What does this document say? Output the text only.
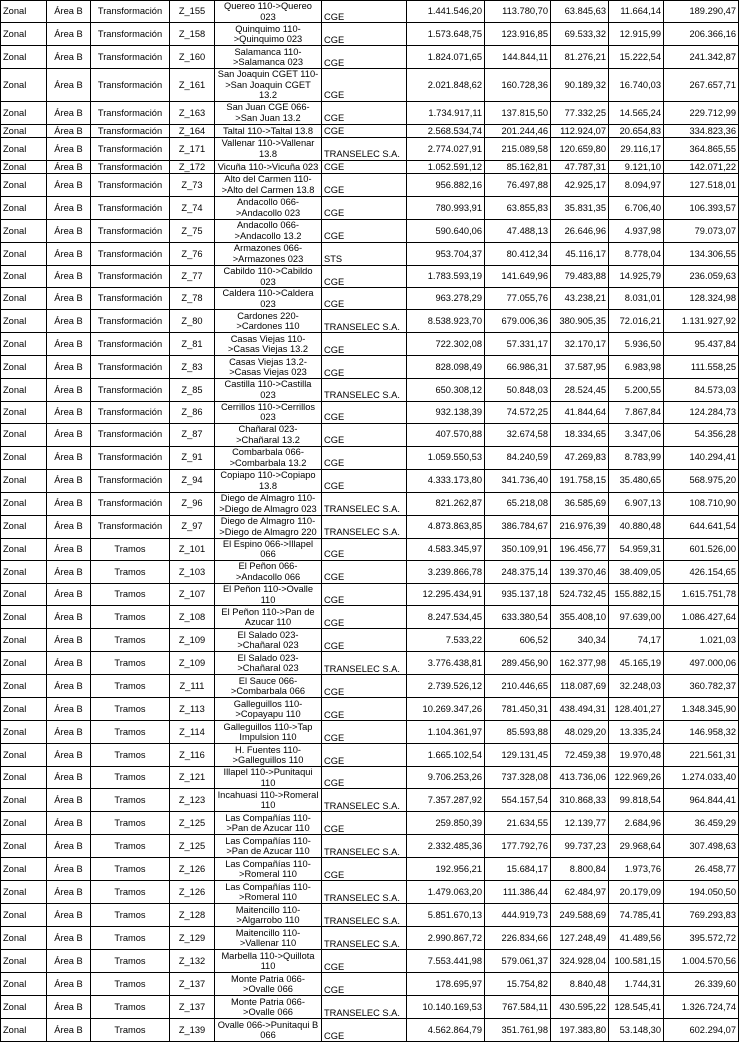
Zonal	Área B	Transformación	Z_155	Quereo 110->Quereo 023	CGE	1.441.546,20	113.780,70	63.845,63	11.664,14	189.290,47
Zonal	Área B	Transformación	Z_158	Quinquimo 110->Quinquimo 023	CGE	1.573.648,75	123.916,85	69.533,32	12.915,99	206.366,16
Zonal	Área B	Transformación	Z_160	Salamanca 110->Salamanca 023	CGE	1.824.071,65	144.844,11	81.276,21	15.222,54	241.342,87
Zonal	Área B	Transformación	Z_161	San Joaquin CGET 110->San Joaquin CGET 13.2	CGE	2.021.848,62	160.728,36	90.189,32	16.740,03	267.657,71
Zonal	Área B	Transformación	Z_163	San Juan CGE 066->San Juan 13.2	CGE	1.734.917,11	137.815,50	77.332,25	14.565,24	229.712,99
Zonal	Área B	Transformación	Z_164	Taltal 110->Taltal 13.8	CGE	2.568.534,74	201.244,46	112.924,07	20.654,83	334.823,36
Zonal	Área B	Transformación	Z_171	Vallenar 110->Vallenar 13.8	TRANSELEC S.A.	2.774.027,91	215.089,58	120.659,80	29.116,17	364.865,55
Zonal	Área B	Transformación	Z_172	Vicuña 110->Vicuña 023	CGE	1.052.591,12	85.162,81	47.787,31	9.121,10	142.071,22
Zonal	Área B	Transformación	Z_73	Alto del Carmen 110->Alto del Carmen 13.8	CGE	956.882,16	76.497,88	42.925,17	8.094,97	127.518,01
Zonal	Área B	Transformación	Z_74	Andacollo 066->Andacollo 023	CGE	780.993,91	63.855,83	35.831,35	6.706,40	106.393,57
Zonal	Área B	Transformación	Z_75	Andacollo 066->Andacollo 13.2	CGE	590.640,06	47.488,13	26.646,96	4.937,98	79.073,07
Zonal	Área B	Transformación	Z_76	Armazones 066->Armazones 023	STS	953.704,37	80.412,34	45.116,17	8.778,04	134.306,55
Zonal	Área B	Transformación	Z_77	Cabildo 110->Cabildo 023	CGE	1.783.593,19	141.649,96	79.483,88	14.925,79	236.059,63
Zonal	Área B	Transformación	Z_78	Caldera 110->Caldera 023	CGE	963.278,29	77.055,76	43.238,21	8.031,01	128.324,98
Zonal	Área B	Transformación	Z_80	Cardones 220->Cardones 110	TRANSELEC S.A.	8.538.923,70	679.006,36	380.905,35	72.016,21	1.131.927,92
Zonal	Área B	Transformación	Z_81	Casas Viejas 110->Casas Viejas 13.2	CGE	722.302,08	57.331,17	32.170,17	5.936,50	95.437,84
Zonal	Área B	Transformación	Z_83	Casas Viejas 13.2->Casas Viejas 023	CGE	828.098,49	66.986,31	37.587,95	6.983,98	111.558,25
Zonal	Área B	Transformación	Z_85	Castilla 110->Castilla 023	TRANSELEC S.A.	650.308,12	50.848,03	28.524,45	5.200,55	84.573,03
Zonal	Área B	Transformación	Z_86	Cerrillos 110->Cerrillos 023	CGE	932.138,39	74.572,25	41.844,64	7.867,84	124.284,73
Zonal	Área B	Transformación	Z_87	Chañaral 023->Chañaral 13.2	CGE	407.570,88	32.674,58	18.334,65	3.347,06	54.356,28
Zonal	Área B	Transformación	Z_91	Combarbala 066->Combarbala 13.2	CGE	1.059.550,53	84.240,59	47.269,83	8.783,99	140.294,41
Zonal	Área B	Transformación	Z_94	Copiapo 110->Copiapo 13.8	CGE	4.333.173,80	341.736,40	191.758,15	35.480,65	568.975,20
Zonal	Área B	Transformación	Z_96	Diego de Almagro 110->Diego de Almagro 023	TRANSELEC S.A.	821.262,87	65.218,08	36.585,69	6.907,13	108.710,90
Zonal	Área B	Transformación	Z_97	Diego de Almagro 110->Diego de Almagro 220	TRANSELEC S.A.	4.873.863,85	386.784,67	216.976,39	40.880,48	644.641,54
Zonal	Área B	Tramos	Z_101	El Espino 066->Illapel 066	CGE	4.583.345,97	350.109,91	196.456,77	54.959,31	601.526,00
Zonal	Área B	Tramos	Z_103	El Peñon 066->Andacollo 066	CGE	3.239.866,78	248.375,14	139.370,46	38.409,05	426.154,65
Zonal	Área B	Tramos	Z_107	El Peñon 110->Ovalle 110	CGE	12.295.434,91	935.137,18	524.732,45	155.882,15	1.615.751,78
Zonal	Área B	Tramos	Z_108	El Peñon 110->Pan de Azucar 110	CGE	8.247.534,45	633.380,54	355.408,10	97.639,00	1.086.427,64
Zonal	Área B	Tramos	Z_109	El Salado 023->Chañaral 023	CGE	7.533,22	606,52	340,34	74,17	1.021,03
Zonal	Área B	Tramos	Z_109	El Salado 023->Chañaral 023	TRANSELEC S.A.	3.776.438,81	289.456,90	162.377,98	45.165,19	497.000,06
Zonal	Área B	Tramos	Z_111	El Sauce 066->Combarbala 066	CGE	2.739.526,12	210.446,65	118.087,69	32.248,03	360.782,37
Zonal	Área B	Tramos	Z_113	Galleguillos 110->Copayapu 110	CGE	10.269.347,26	781.450,31	438.494,31	128.401,27	1.348.345,90
Zonal	Área B	Tramos	Z_114	Galleguillos 110->Tap Impulsion 110	CGE	1.104.361,97	85.593,88	48.029,20	13.335,24	146.958,32
Zonal	Área B	Tramos	Z_116	H. Fuentes 110->Galleguillos 110	CGE	1.665.102,54	129.131,45	72.459,38	19.970,48	221.561,31
Zonal	Área B	Tramos	Z_121	Illapel 110->Punitaqui 110	CGE	9.706.253,26	737.328,08	413.736,06	122.969,26	1.274.033,40
Zonal	Área B	Tramos	Z_123	Incahuasi 110->Romeral 110	TRANSELEC S.A.	7.357.287,92	554.157,54	310.868,33	99.818,54	964.844,41
Zonal	Área B	Tramos	Z_125	Las Compañías 110->Pan de Azucar 110	CGE	259.850,39	21.634,55	12.139,77	2.684,96	36.459,29
Zonal	Área B	Tramos	Z_125	Las Compañías 110->Pan de Azucar 110	TRANSELEC S.A.	2.332.485,36	177.792,76	99.737,23	29.968,64	307.498,63
Zonal	Área B	Tramos	Z_126	Las Compañías 110->Romeral 110	CGE	192.956,21	15.684,17	8.800,84	1.973,76	26.458,77
Zonal	Área B	Tramos	Z_126	Las Compañías 110->Romeral 110	TRANSELEC S.A.	1.479.063,20	111.386,44	62.484,97	20.179,09	194.050,50
Zonal	Área B	Tramos	Z_128	Maitencillo 110->Algarrobo 110	TRANSELEC S.A.	5.851.670,13	444.919,73	249.588,69	74.785,41	769.293,83
Zonal	Área B	Tramos	Z_129	Maitencillo 110->Vallenar 110	TRANSELEC S.A.	2.990.867,72	226.834,66	127.248,49	41.489,56	395.572,72
Zonal	Área B	Tramos	Z_132	Marbella 110->Quillota 110	CGE	7.553.441,98	579.061,37	324.928,04	100.581,15	1.004.570,56
Zonal	Área B	Tramos	Z_137	Monte Patria 066->Ovalle 066	CGE	178.695,97	15.754,82	8.840,48	1.744,31	26.339,60
Zonal	Área B	Tramos	Z_137	Monte Patria 066->Ovalle 066	TRANSELEC S.A.	10.140.169,53	767.584,11	430.595,22	128.545,41	1.326.724,74
Zonal	Área B	Tramos	Z_139	Ovalle 066->Punitaqui B 066	CGE	4.562.864,79	351.761,98	197.383,80	53.148,30	602.294,07
